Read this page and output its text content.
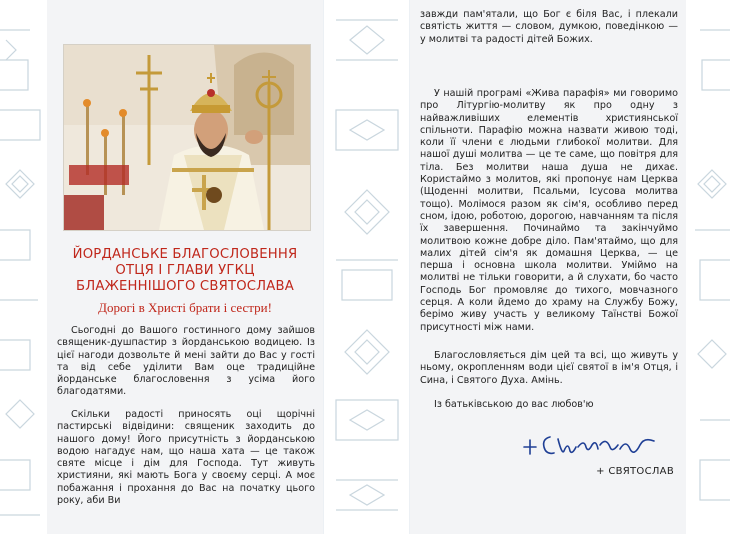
ЙОРДАНСЬКЕ БЛАГОСЛОВЕННЯ
ОТЦЯ І ГЛАВИ УГКЦ
БЛАЖЕННІШОГО СВЯТОСЛАВА
Дорогі в Христі брати і сестри!

Сьогодні до Вашого гостинного дому зайшов священик-душпастир з йорданською водицею. Із цієї нагоди дозвольте й мені зайти до Вас у гості та від себе уділити Вам оце традиційне йорданське благословення з усіма його благодатями.

Скільки радості приносять оці щорічні пастирські відвідини: священик заходить до нашого дому! Його присутність з йорданською водою нагадує нам, що наша хата — це також святе місце і дім для Господа. Тут живуть християни, які мають Бога у своєму серці. А моє побажання і прохання до Вас на початку цього року, аби Ви

завжди пам'ятали, що Бог є біля Вас, і плекали святість життя — словом, думкою, поведінкою — у молитві та радості дітей Божих.

У нашій програмі «Жива парафія» ми говоримо про Літургію-молитву як про одну з найважливіших елементів християнської спільноти. Парафію можна назвати живою тоді, коли її члени є людьми глибокої молитви. Для нашої душі молитва — це те саме, що повітря для тіла. Без молитви наша душа не дихає. Користаймо з молитов, які пропонує нам Церква (Щоденні молитви, Псальми, Ісусова молитва тощо). Молімося разом як сім'я, особливо перед сном, ідою, роботою, дорогою, навчанням та після їх завершення. Починаймо та закінчуймо молитвою кожне добре діло. Пам'ятаймо, що для малих дітей сім'я як домашня Церква, — це перша і основна школа молитви. Уміймо на молитві не тільки говорити, а й слухати, бо часто Господь Бог промовляє до тихого, мовчазного серця. А коли йдемо до храму на Службу Божу, берімо живу участь у великому Таїнстві Божої присутності між нами.

Благословляється дім цей та всі, що живуть у ньому, окропленням води цієї святої в ім'я Отця, і Сина, і Святого Духа. Амінь.

Із батьківською до вас любов'ю

+ СВЯТОСЛАВ
